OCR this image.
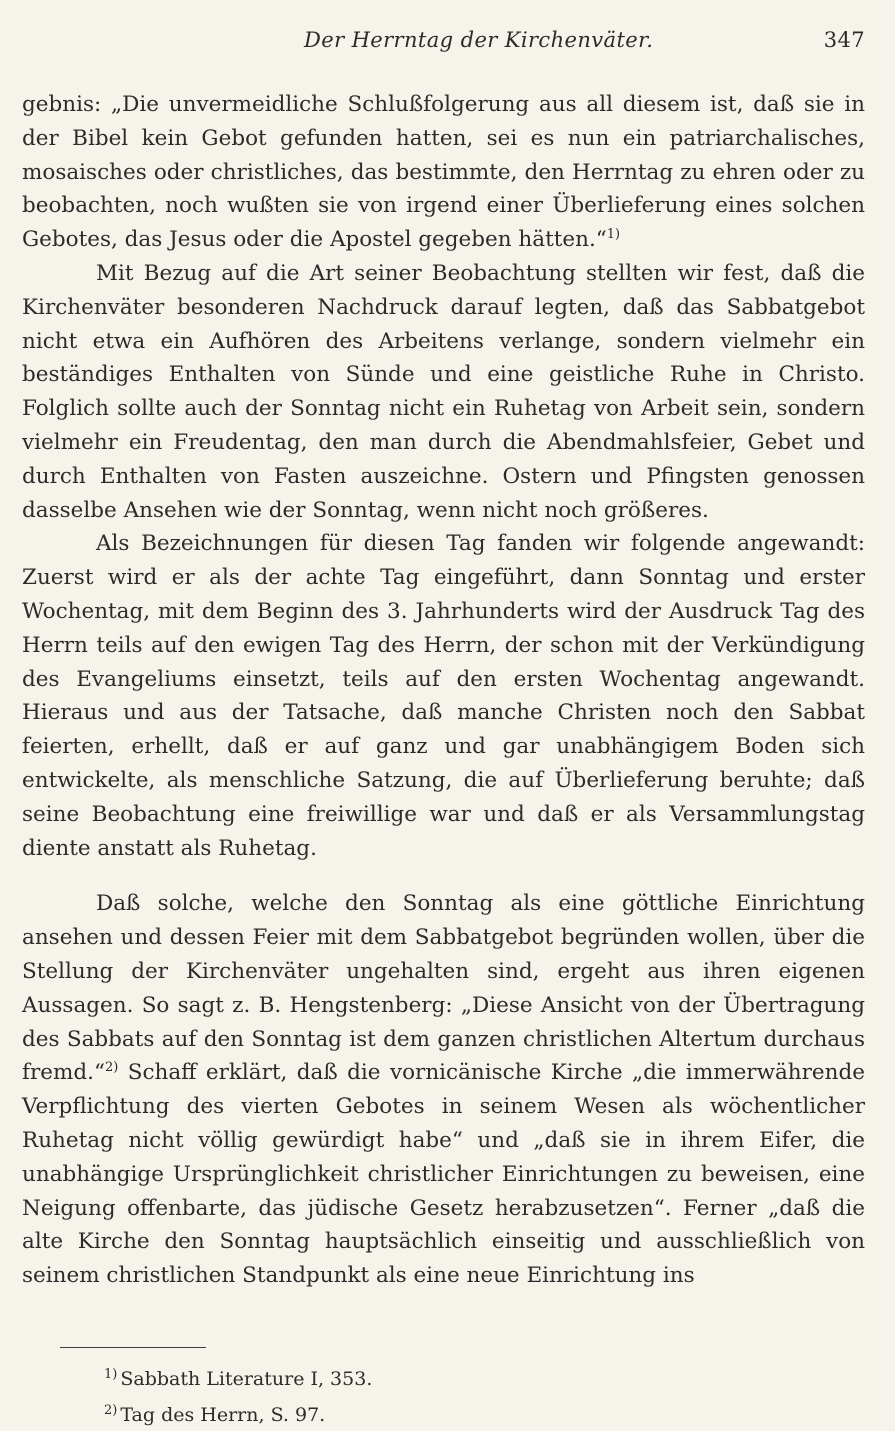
Der Herrntag der Kirchenväter.	347

gebnis: „Die unvermeidliche Schlußfolgerung aus all diesem ist, daß sie in der Bibel kein Gebot gefunden hatten, sei es nun ein patriarchalisches, mosaisches oder christliches, das bestimmte, den Herrntag zu ehren oder zu beobachten, noch wußten sie von irgend einer Überlieferung eines solchen Gebotes, das Jesus oder die Apostel gegeben hätten.“$^{1)}$

Mit Bezug auf die Art seiner Beobachtung stellten wir fest, daß die Kirchenväter besonderen Nachdruck darauf legten, daß das Sabbatgebot nicht etwa ein Aufhören des Arbeitens verlange, sondern vielmehr ein beständiges Enthalten von Sünde und eine geistliche Ruhe in Christo. Folglich sollte auch der Sonntag nicht ein Ruhetag von Arbeit sein, sondern vielmehr ein Freudentag, den man durch die Abendmahlsfeier, Gebet und durch Enthalten von Fasten auszeichne. Ostern und Pfingsten genossen dasselbe Ansehen wie der Sonntag, wenn nicht noch größeres.

Als Bezeichnungen für diesen Tag fanden wir folgende angewandt: Zuerst wird er als der achte Tag eingeführt, dann Sonntag und erster Wochentag, mit dem Beginn des 3. Jahrhunderts wird der Ausdruck Tag des Herrn teils auf den ewigen Tag des Herrn, der schon mit der Verkündigung des Evangeliums einsetzt, teils auf den ersten Wochentag angewandt. Hieraus und aus der Tatsache, daß manche Christen noch den Sabbat feierten, erhellt, daß er auf ganz und gar unabhängigem Boden sich entwickelte, als menschliche Satzung, die auf Überlieferung beruhte; daß seine Beobachtung eine freiwillige war und daß er als Versammlungstag diente anstatt als Ruhetag.

Daß solche, welche den Sonntag als eine göttliche Einrichtung ansehen und dessen Feier mit dem Sabbatgebot begründen wollen, über die Stellung der Kirchenväter ungehalten sind, ergeht aus ihren eigenen Aussagen. So sagt z. B. Hengstenberg: „Diese Ansicht von der Übertragung des Sabbats auf den Sonntag ist dem ganzen christlichen Altertum durchaus fremd.“$^{2)}$ Schaff erklärt, daß die vornicänische Kirche „die immerwährende Verpflichtung des vierten Gebotes in seinem Wesen als wöchentlicher Ruhetag nicht völlig gewürdigt habe“ und „daß sie in ihrem Eifer, die unabhängige Ursprünglichkeit christlicher Einrichtungen zu beweisen, eine Neigung offenbarte, das jüdische Gesetz herabzusetzen“. Ferner „daß die alte Kirche den Sonntag hauptsächlich einseitig und ausschließlich von seinem christlichen Standpunkt als eine neue Einrichtung ins

$^{1)}$ Sabbath Literature I, 353.
$^{2)}$ Tag des Herrn, S. 97.
